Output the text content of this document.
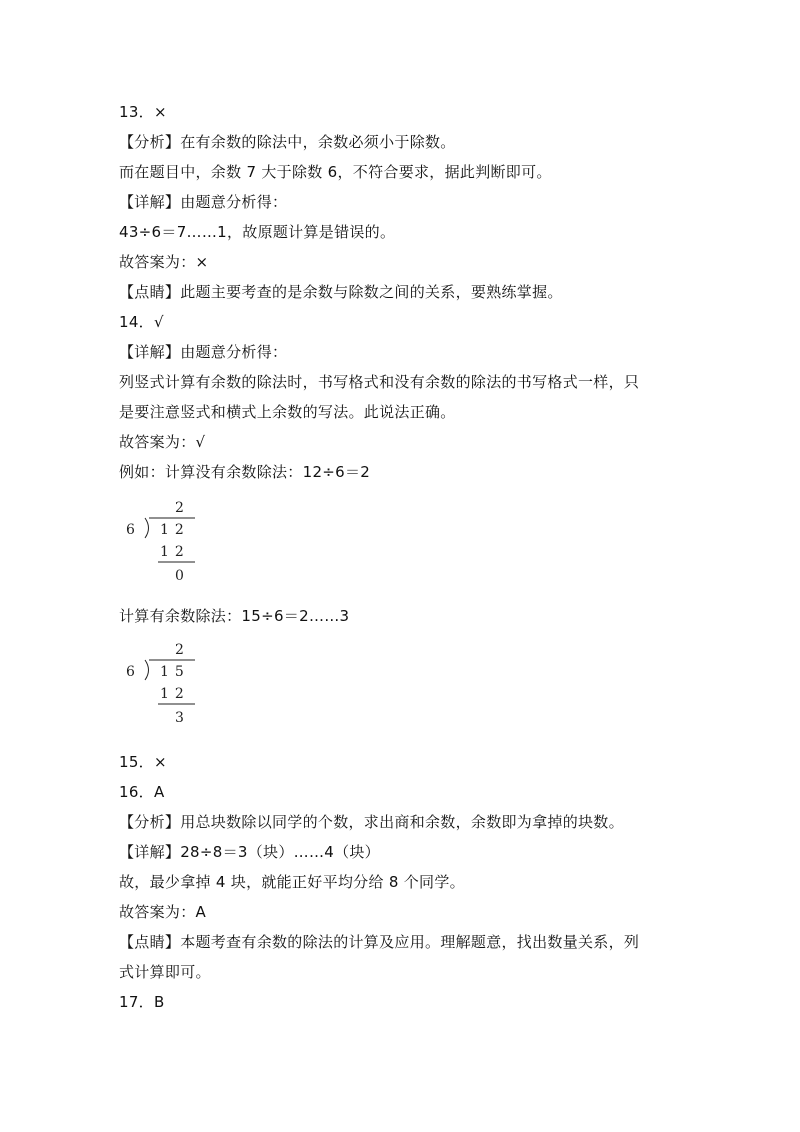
13．×
【分析】在有余数的除法中，余数必须小于除数。
而在题目中，余数 7 大于除数 6，不符合要求，据此判断即可。
【详解】由题意分析得：
43÷6＝7……1，故原题计算是错误的。
故答案为：×
【点睛】此题主要考查的是余数与除数之间的关系，要熟练掌握。
14．√
【详解】由题意分析得：
列竖式计算有余数的除法时，书写格式和没有余数的除法的书写格式一样，只
是要注意竖式和横式上余数的写法。此说法正确。
故答案为：√
例如：计算没有余数除法：12÷6＝2
2
6 12
12
0
计算有余数除法：15÷6＝2……3
2
6 15
12
3
15．×
16．A
【分析】用总块数除以同学的个数，求出商和余数，余数即为拿掉的块数。
【详解】28÷8＝3（块）……4（块）
故，最少拿掉 4 块，就能正好平均分给 8 个同学。
故答案为：A
【点睛】本题考查有余数的除法的计算及应用。理解题意，找出数量关系，列
式计算即可。
17．B
